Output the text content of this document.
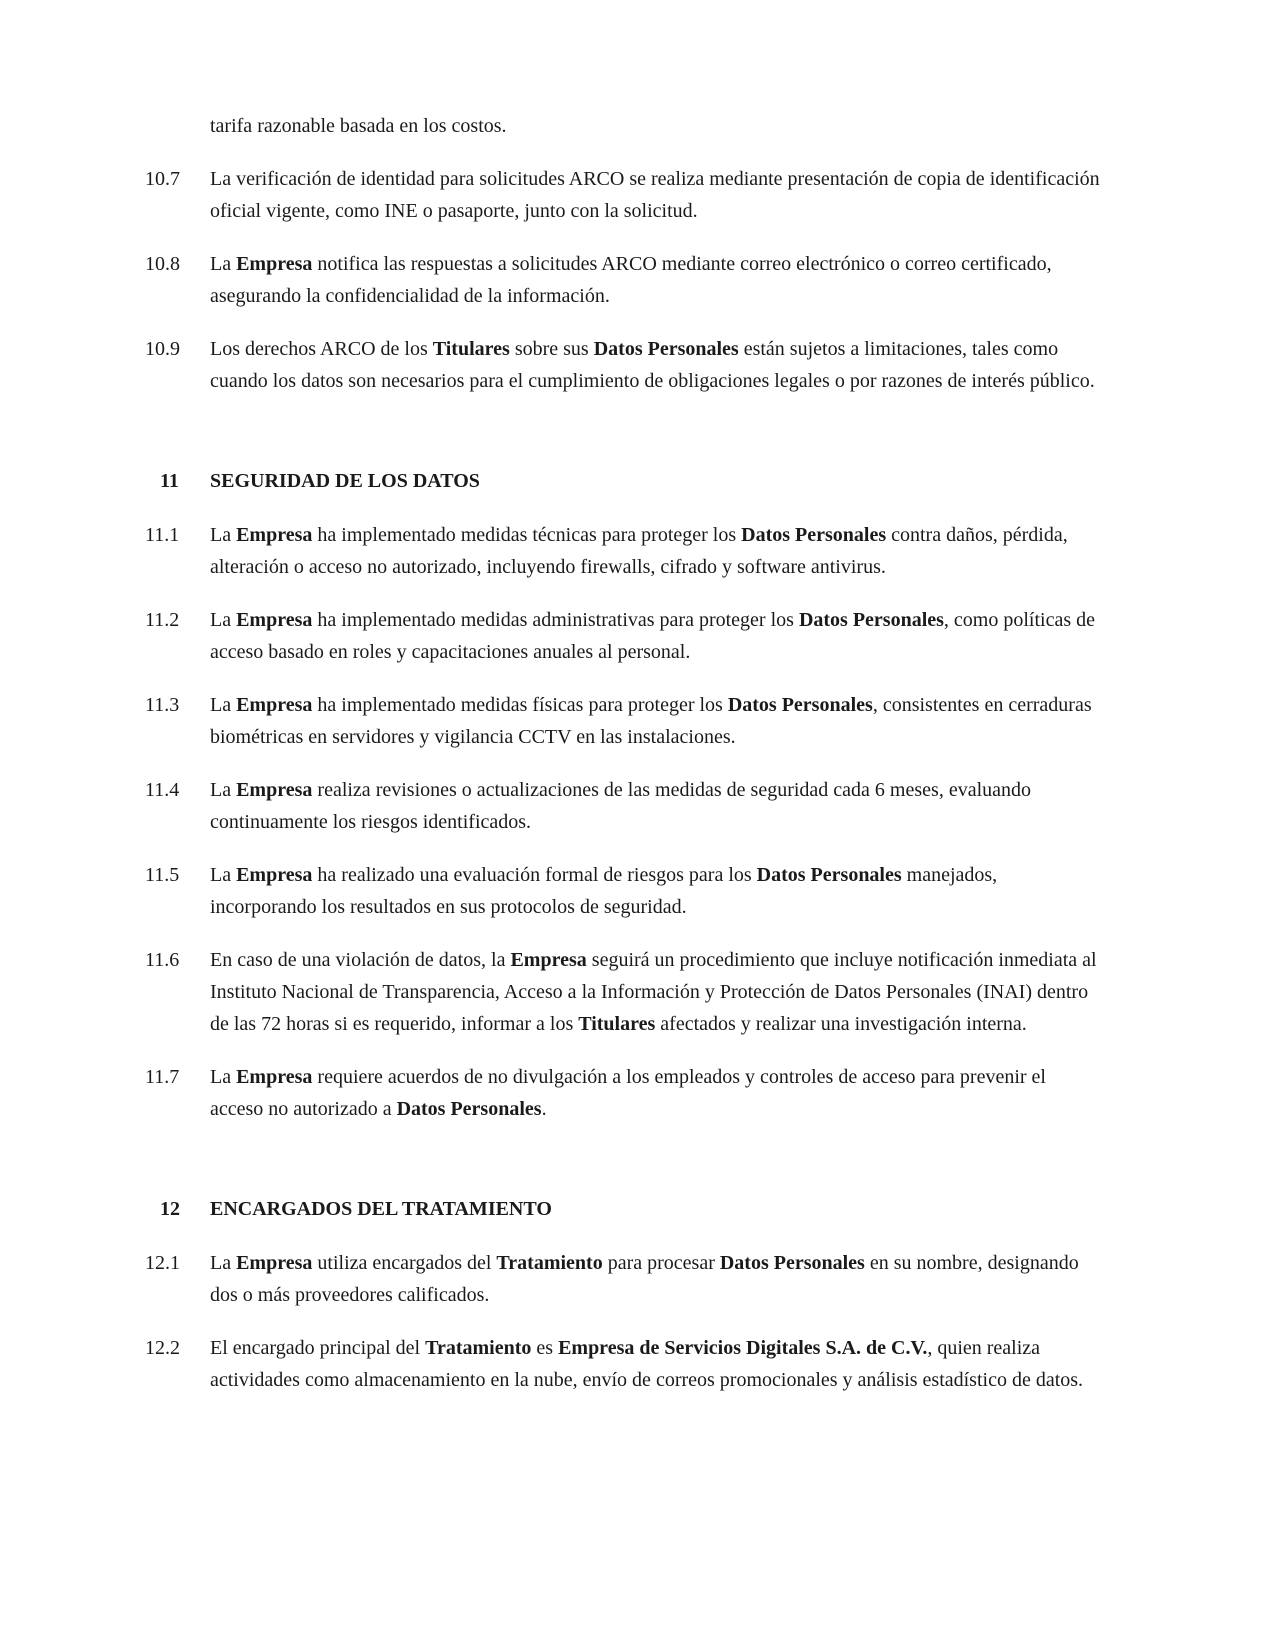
tarifa razonable basada en los costos.
10.7	La verificación de identidad para solicitudes ARCO se realiza mediante presentación de copia de identificación oficial vigente, como INE o pasaporte, junto con la solicitud.
10.8	La Empresa notifica las respuestas a solicitudes ARCO mediante correo electrónico o correo certificado, asegurando la confidencialidad de la información.
10.9	Los derechos ARCO de los Titulares sobre sus Datos Personales están sujetos a limitaciones, tales como cuando los datos son necesarios para el cumplimiento de obligaciones legales o por razones de interés público.
11	SEGURIDAD DE LOS DATOS
11.1	La Empresa ha implementado medidas técnicas para proteger los Datos Personales contra daños, pérdida, alteración o acceso no autorizado, incluyendo firewalls, cifrado y software antivirus.
11.2	La Empresa ha implementado medidas administrativas para proteger los Datos Personales, como políticas de acceso basado en roles y capacitaciones anuales al personal.
11.3	La Empresa ha implementado medidas físicas para proteger los Datos Personales, consistentes en cerraduras biométricas en servidores y vigilancia CCTV en las instalaciones.
11.4	La Empresa realiza revisiones o actualizaciones de las medidas de seguridad cada 6 meses, evaluando continuamente los riesgos identificados.
11.5	La Empresa ha realizado una evaluación formal de riesgos para los Datos Personales manejados, incorporando los resultados en sus protocolos de seguridad.
11.6	En caso de una violación de datos, la Empresa seguirá un procedimiento que incluye notificación inmediata al Instituto Nacional de Transparencia, Acceso a la Información y Protección de Datos Personales (INAI) dentro de las 72 horas si es requerido, informar a los Titulares afectados y realizar una investigación interna.
11.7	La Empresa requiere acuerdos de no divulgación a los empleados y controles de acceso para prevenir el acceso no autorizado a Datos Personales.
12	ENCARGADOS DEL TRATAMIENTO
12.1	La Empresa utiliza encargados del Tratamiento para procesar Datos Personales en su nombre, designando dos o más proveedores calificados.
12.2	El encargado principal del Tratamiento es Empresa de Servicios Digitales S.A. de C.V., quien realiza actividades como almacenamiento en la nube, envío de correos promocionales y análisis estadístico de datos.
